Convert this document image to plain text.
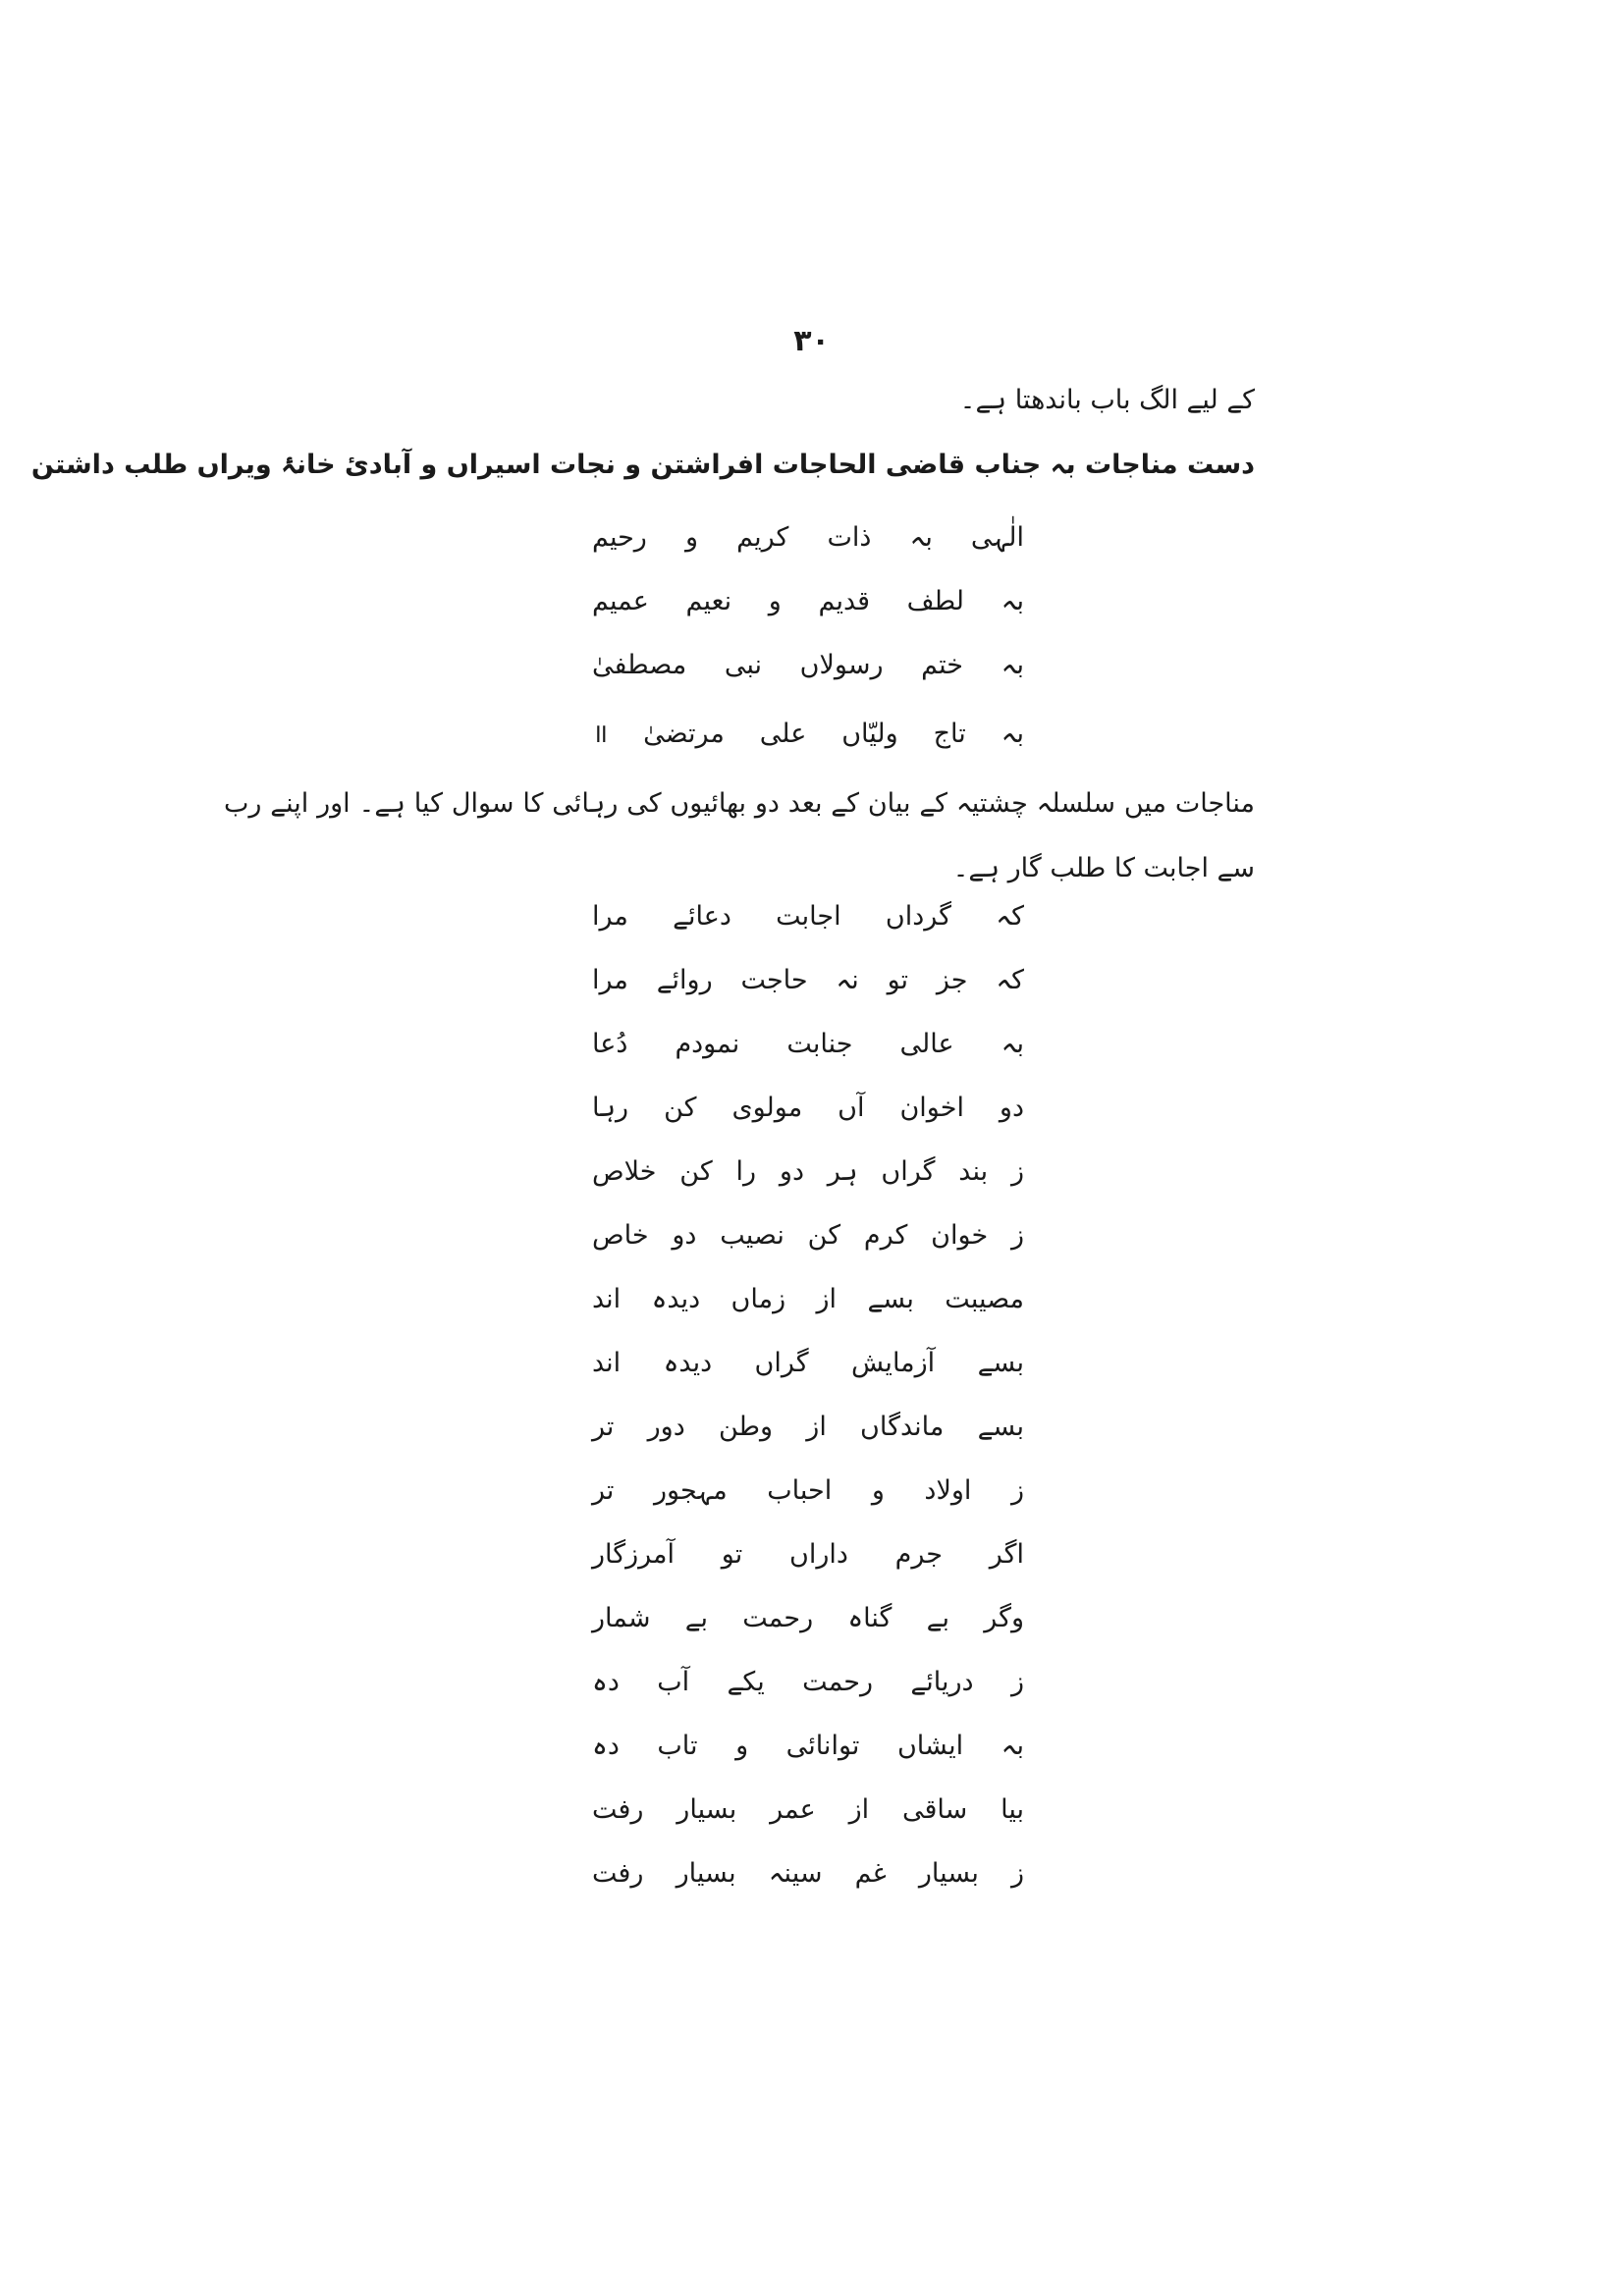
۳۰
کے لیے الگ باب باندھتا ہے۔
دست مناجات بہ جناب قاضی الحاجات افراشتن و نجات اسیراں و آبادیٔ خانۂ ویراں طلب داشتن
الٰہی بہ ذات کریم و رحیم
بہ لطف قدیم و نعیم عمیم
بہ ختم رسولاں نبی مصطفیٰ
بہ تاج ولیّاں علی مرتضیٰ ॥
مناجات میں سلسلہ چشتیہ کے بیان کے بعد دو بھائیوں کی رہائی کا سوال کیا ہے۔ اور اپنے رب سے اجابت کا طلب گار ہے۔
کہ گرداں اجابت دعائے مرا
کہ جز تو نہ حاجت روائے مرا
بہ عالی جنابت نمودم دُعا
دو اخوان آں مولوی کن رہا
ز بند گراں ہر دو را کن خلاص
ز خوان کرم کن نصیب دو خاص
مصیبت بسے از زماں دیدہ اند
بسے آزمایش گراں دیدہ اند
بسے ماندگاں از وطن دور تر
ز اولاد و احباب مہجور تر
اگر جرم داراں تو آمرزگار
وگر بے گناہ رحمت بے شمار
ز دریائے رحمت یکے آب دہ
بہ ایشاں توانائی و تاب دہ
بیا ساقی از عمر بسیار رفت
ز بسیار غم سینہ بسیار رفت
